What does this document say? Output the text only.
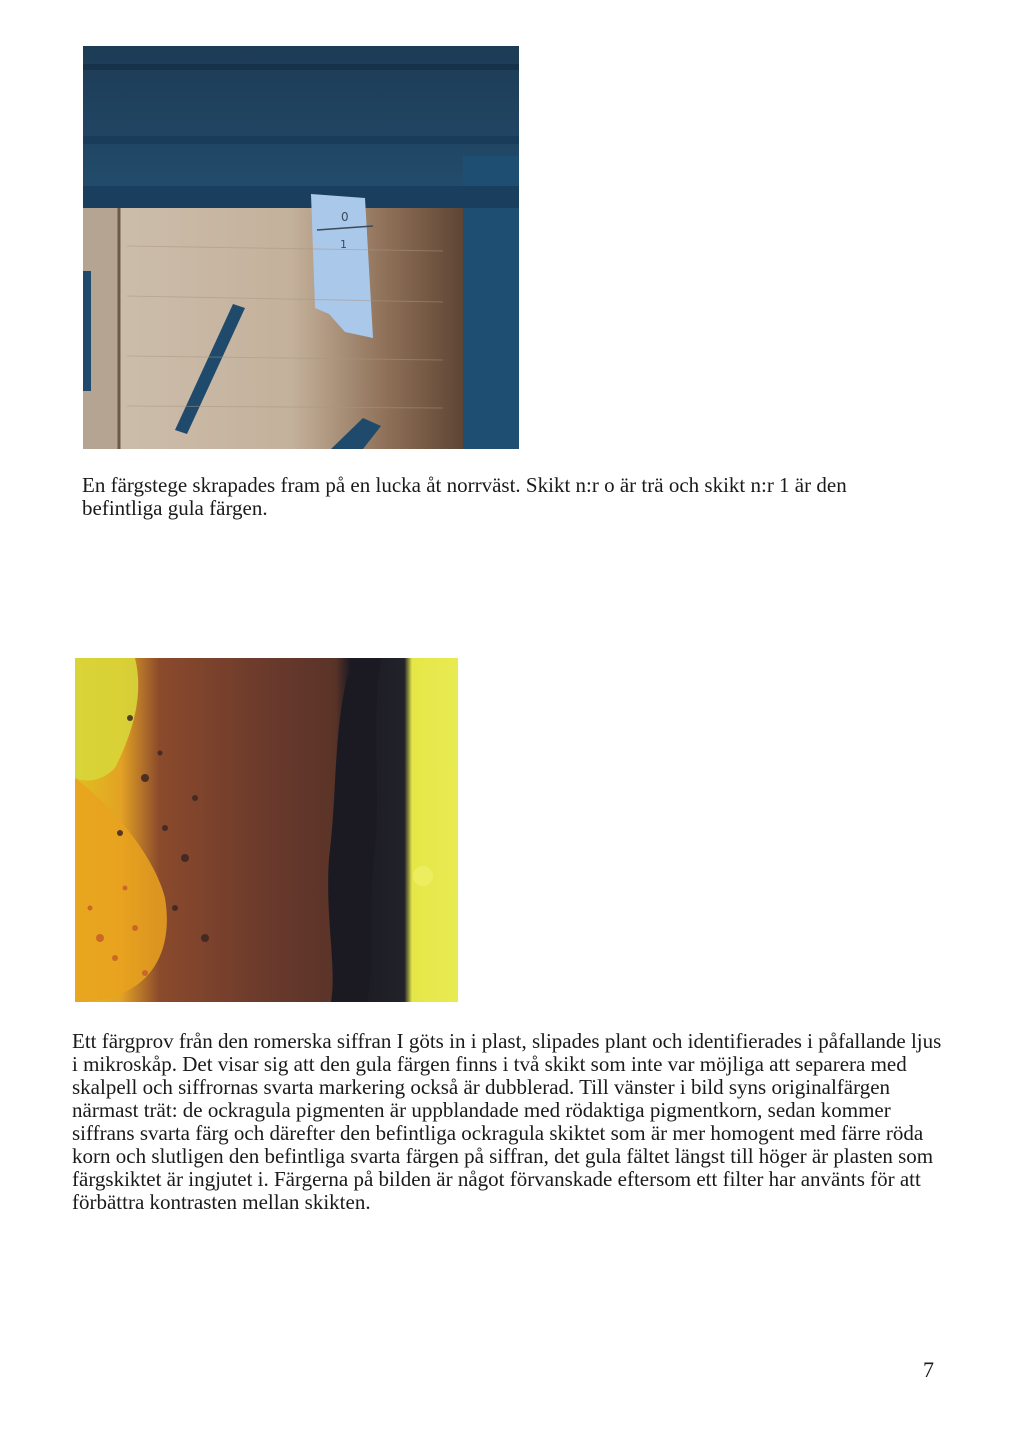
0
1

En färgstege skrapades fram på en lucka åt norrväst. Skikt n:r o är trä och skikt n:r 1 är den befintliga gula färgen.

Ett färgprov från den romerska siffran I göts in i plast, slipades plant och identifierades i påfallande ljus i mikroskåp. Det visar sig att den gula färgen finns i två skikt som inte var möjliga att separera med skalpell och siffrornas svarta markering också är dubblerad. Till vänster i bild syns originalfärgen närmast trät: de ockragula pigmenten är uppblandade med rödaktiga pigmentkorn, sedan kommer siffrans svarta färg och därefter den befintliga ockragula skiktet som är mer homogent med färre röda korn och slutligen den befintliga svarta färgen på siffran, det gula fältet längst till höger är plasten som färgskiktet är ingjutet i. Färgerna på bilden är något förvanskade eftersom ett filter har använts för att förbättra kontrasten mellan skikten.

7
